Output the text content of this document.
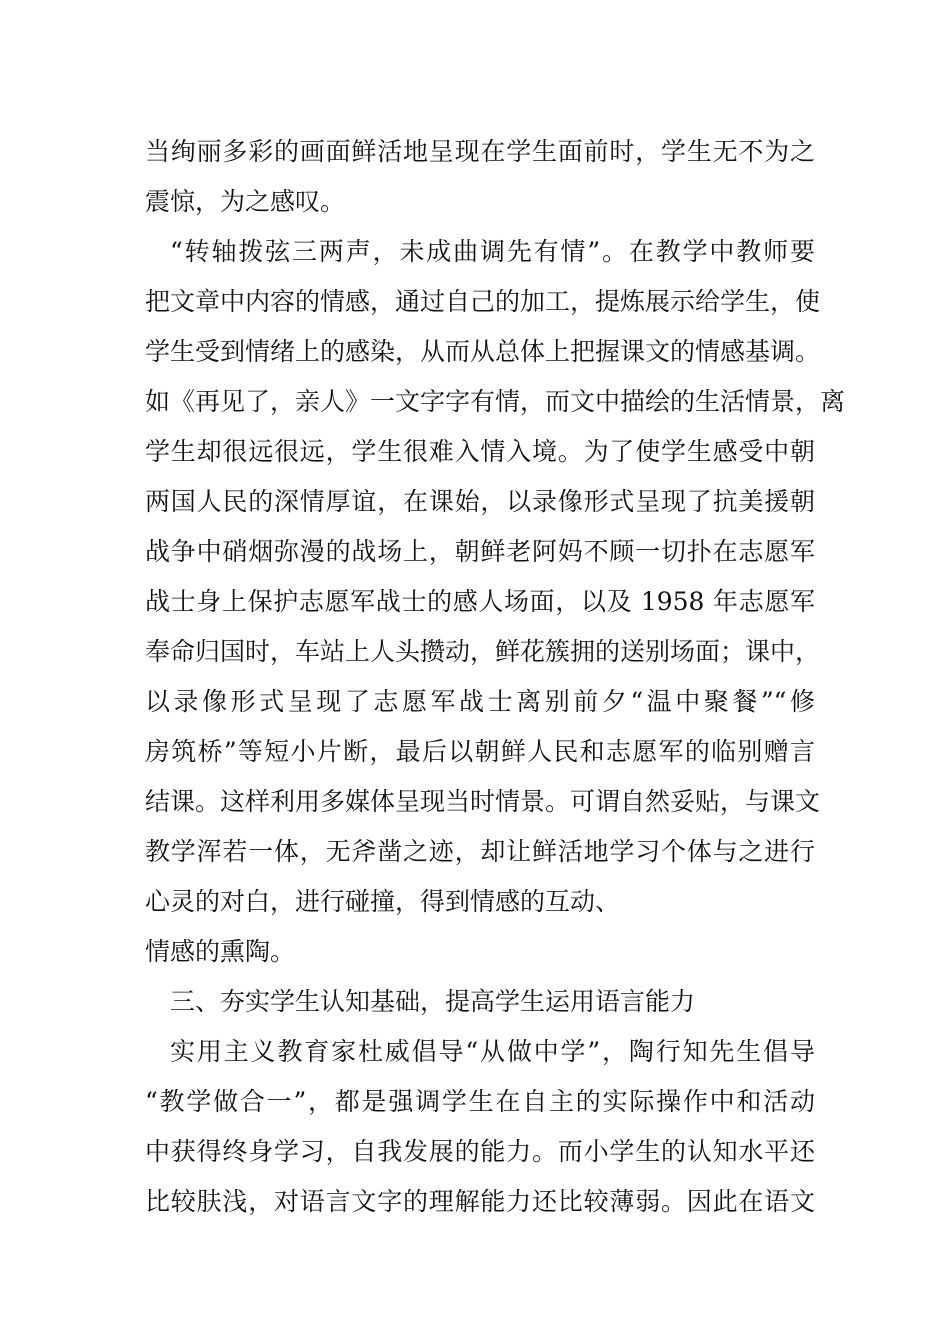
当绚丽多彩的画面鲜活地呈现在学生面前时，学生无不为之
震惊，为之感叹。
“转轴拨弦三两声，未成曲调先有情”。在教学中教师要
把文章中内容的情感，通过自己的加工，提炼展示给学生，使
学生受到情绪上的感染，从而从总体上把握课文的情感基调。
如《再见了，亲人》一文字字有情，而文中描绘的生活情景，离
学生却很远很远，学生很难入情入境。为了使学生感受中朝
两国人民的深情厚谊，在课始，以录像形式呈现了抗美援朝
战争中硝烟弥漫的战场上，朝鲜老阿妈不顾一切扑在志愿军
战士身上保护志愿军战士的感人场面，以及 1958 年志愿军
奉命归国时，车站上人头攒动，鲜花簇拥的送别场面；课中，
以录像形式呈现了志愿军战士离别前夕“温中聚餐”“修
房筑桥”等短小片断，最后以朝鲜人民和志愿军的临别赠言
结课。这样利用多媒体呈现当时情景。可谓自然妥贴，与课文
教学浑若一体，无斧凿之迹，却让鲜活地学习个体与之进行
心灵的对白，进行碰撞，得到情感的互动、
情感的熏陶。
三、夯实学生认知基础，提高学生运用语言能力
实用主义教育家杜威倡导“从做中学”，陶行知先生倡导
“教学做合一”，都是强调学生在自主的实际操作中和活动
中获得终身学习，自我发展的能力。而小学生的认知水平还
比较肤浅，对语言文字的理解能力还比较薄弱。因此在语文
